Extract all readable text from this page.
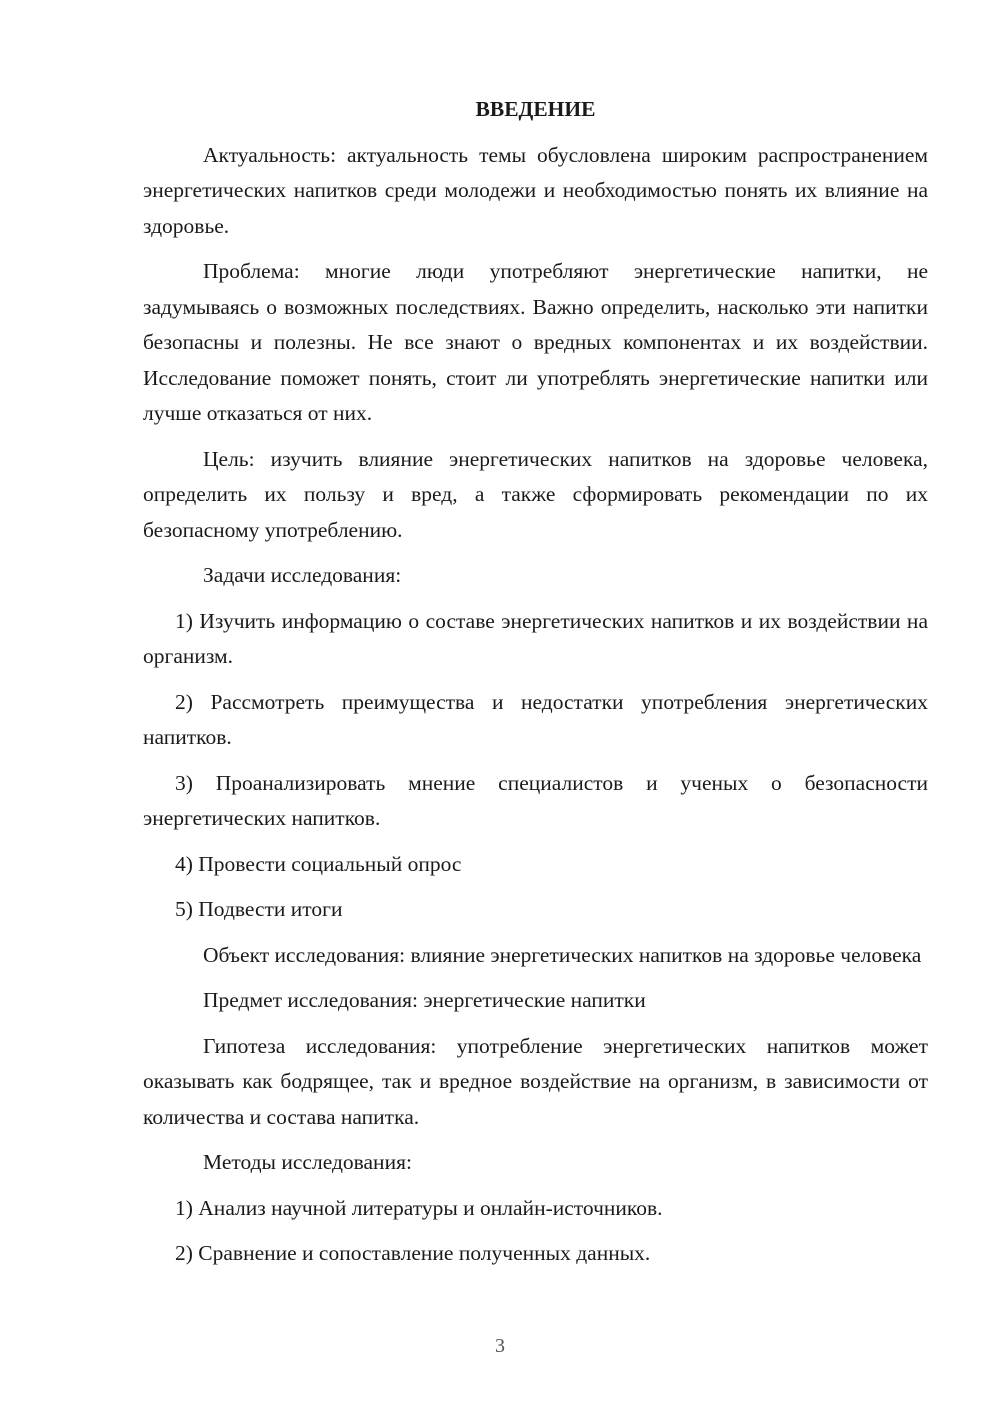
ВВЕДЕНИЕ

Актуальность: актуальность темы обусловлена широким распространением энергетических напитков среди молодежи и необходимостью понять их влияние на здоровье.

Проблема: многие люди употребляют энергетические напитки, не задумываясь о возможных последствиях. Важно определить, насколько эти напитки безопасны и полезны. Не все знают о вредных компонентах и их воздействии. Исследование поможет понять, стоит ли употреблять энергетические напитки или лучше отказаться от них.

Цель: изучить влияние энергетических напитков на здоровье человека, определить их пользу и вред, а также сформировать рекомендации по их безопасному употреблению.

Задачи исследования:

1) Изучить информацию о составе энергетических напитков и их воздействии на организм.

2) Рассмотреть преимущества и недостатки употребления энергетических напитков.

3) Проанализировать мнение специалистов и ученых о безопасности энергетических напитков.

4) Провести социальный опрос

5) Подвести итоги

Объект исследования: влияние энергетических напитков на здоровье человека

Предмет исследования: энергетические напитки

Гипотеза исследования: употребление энергетических напитков может оказывать как бодрящее, так и вредное воздействие на организм, в зависимости от количества и состава напитка.

Методы исследования:

1) Анализ научной литературы и онлайн-источников.

2) Сравнение и сопоставление полученных данных.

3
